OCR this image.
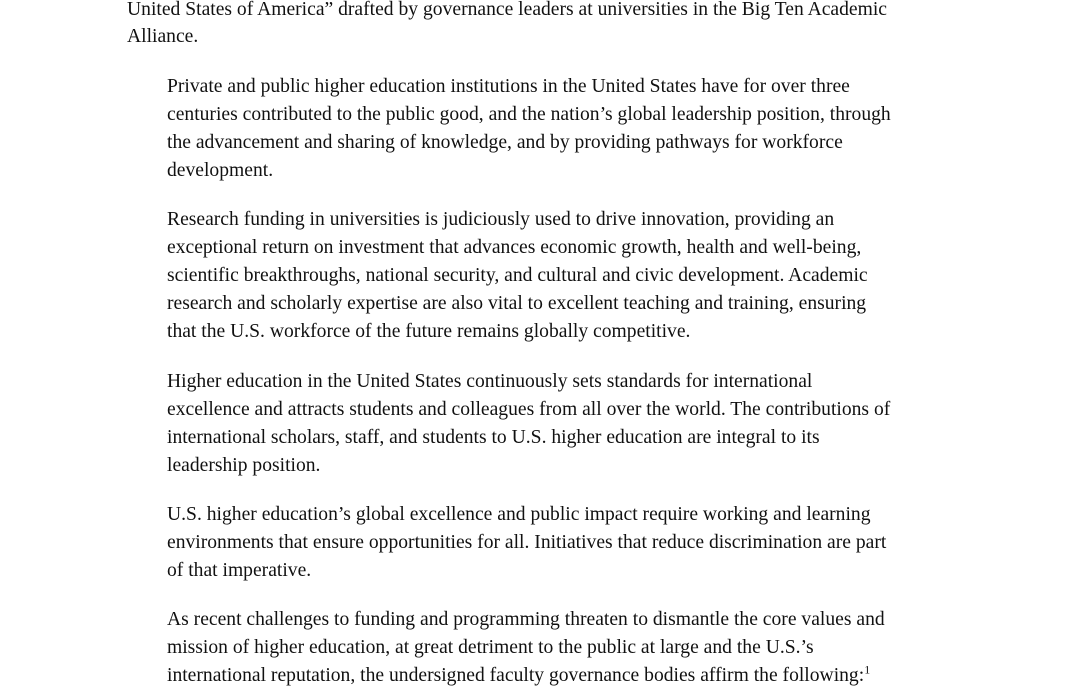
United States of America” drafted by governance leaders at universities in the Big Ten Academic

Alliance.

Private and public higher education institutions in the United States have for over three

centuries contributed to the public good, and the nation’s global leadership position, through

the advancement and sharing of knowledge, and by providing pathways for workforce

development.

Research funding in universities is judiciously used to drive innovation, providing an

exceptional return on investment that advances economic growth, health and well-being,

scientific breakthroughs, national security, and cultural and civic development. Academic

research and scholarly expertise are also vital to excellent teaching and training, ensuring

that the U.S. workforce of the future remains globally competitive.

Higher education in the United States continuously sets standards for international

excellence and attracts students and colleagues from all over the world. The contributions of

international scholars, staff, and students to U.S. higher education are integral to its

leadership position.

U.S. higher education’s global excellence and public impact require working and learning

environments that ensure opportunities for all. Initiatives that reduce discrimination are part

of that imperative.

As recent challenges to funding and programming threaten to dismantle the core values and

mission of higher education, at great detriment to the public at large and the U.S.’s

international reputation, the undersigned faculty governance bodies affirm the following:$^1$
